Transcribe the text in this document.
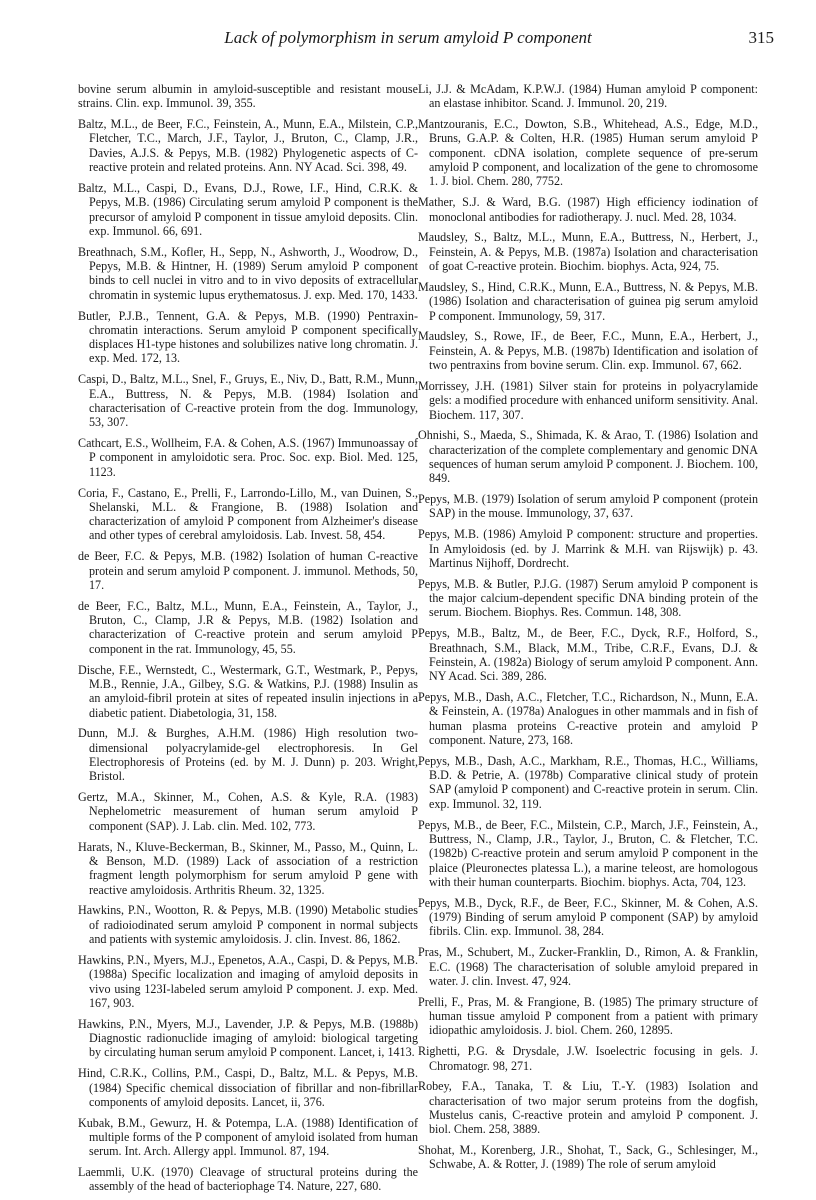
Lack of polymorphism in serum amyloid P component	315

bovine serum albumin in amyloid-susceptible and resistant mouse strains. Clin. exp. Immunol. 39, 355.

Baltz, M.L., de Beer, F.C., Feinstein, A., Munn, E.A., Milstein, C.P., Fletcher, T.C., March, J.F., Taylor, J., Bruton, C., Clamp, J.R., Davies, A.J.S. & Pepys, M.B. (1982) Phylogenetic aspects of C-reactive protein and related proteins. Ann. NY Acad. Sci. 398, 49.

Baltz, M.L., Caspi, D., Evans, D.J., Rowe, I.F., Hind, C.R.K. & Pepys, M.B. (1986) Circulating serum amyloid P component is the precursor of amyloid P component in tissue amyloid deposits. Clin. exp. Immunol. 66, 691.

Breathnach, S.M., Kofler, H., Sepp, N., Ashworth, J., Woodrow, D., Pepys, M.B. & Hintner, H. (1989) Serum amyloid P component binds to cell nuclei in vitro and to in vivo deposits of extracellular chromatin in systemic lupus erythematosus. J. exp. Med. 170, 1433.

Butler, P.J.B., Tennent, G.A. & Pepys, M.B. (1990) Pentraxin-chromatin interactions. Serum amyloid P component specifically displaces H1-type histones and solubilizes native long chromatin. J. exp. Med. 172, 13.

Caspi, D., Baltz, M.L., Snel, F., Gruys, E., Niv, D., Batt, R.M., Munn, E.A., Buttress, N. & Pepys, M.B. (1984) Isolation and characterisation of C-reactive protein from the dog. Immunology, 53, 307.

Cathcart, E.S., Wollheim, F.A. & Cohen, A.S. (1967) Immunoassay of P component in amyloidotic sera. Proc. Soc. exp. Biol. Med. 125, 1123.

Coria, F., Castano, E., Prelli, F., Larrondo-Lillo, M., van Duinen, S., Shelanski, M.L. & Frangione, B. (1988) Isolation and characterization of amyloid P component from Alzheimer's disease and other types of cerebral amyloidosis. Lab. Invest. 58, 454.

de Beer, F.C. & Pepys, M.B. (1982) Isolation of human C-reactive protein and serum amyloid P component. J. immunol. Methods, 50, 17.

de Beer, F.C., Baltz, M.L., Munn, E.A., Feinstein, A., Taylor, J., Bruton, C., Clamp, J.R & Pepys, M.B. (1982) Isolation and characterization of C-reactive protein and serum amyloid P component in the rat. Immunology, 45, 55.

Dische, F.E., Wernstedt, C., Westermark, G.T., Westmark, P., Pepys, M.B., Rennie, J.A., Gilbey, S.G. & Watkins, P.J. (1988) Insulin as an amyloid-fibril protein at sites of repeated insulin injections in a diabetic patient. Diabetologia, 31, 158.

Dunn, M.J. & Burghes, A.H.M. (1986) High resolution two-dimensional polyacrylamide-gel electrophoresis. In Gel Electrophoresis of Proteins (ed. by M. J. Dunn) p. 203. Wright, Bristol.

Gertz, M.A., Skinner, M., Cohen, A.S. & Kyle, R.A. (1983) Nephelometric measurement of human serum amyloid P component (SAP). J. Lab. clin. Med. 102, 773.

Harats, N., Kluve-Beckerman, B., Skinner, M., Passo, M., Quinn, L. & Benson, M.D. (1989) Lack of association of a restriction fragment length polymorphism for serum amyloid P gene with reactive amyloidosis. Arthritis Rheum. 32, 1325.

Hawkins, P.N., Wootton, R. & Pepys, M.B. (1990) Metabolic studies of radioiodinated serum amyloid P component in normal subjects and patients with systemic amyloidosis. J. clin. Invest. 86, 1862.

Hawkins, P.N., Myers, M.J., Epenetos, A.A., Caspi, D. & Pepys, M.B. (1988a) Specific localization and imaging of amyloid deposits in vivo using 123I-labeled serum amyloid P component. J. exp. Med. 167, 903.

Hawkins, P.N., Myers, M.J., Lavender, J.P. & Pepys, M.B. (1988b) Diagnostic radionuclide imaging of amyloid: biological targeting by circulating human serum amyloid P component. Lancet, i, 1413.

Hind, C.R.K., Collins, P.M., Caspi, D., Baltz, M.L. & Pepys, M.B. (1984) Specific chemical dissociation of fibrillar and non-fibrillar components of amyloid deposits. Lancet, ii, 376.

Kubak, B.M., Gewurz, H. & Potempa, L.A. (1988) Identification of multiple forms of the P component of amyloid isolated from human serum. Int. Arch. Allergy appl. Immunol. 87, 194.

Laemmli, U.K. (1970) Cleavage of structural proteins during the assembly of the head of bacteriophage T4. Nature, 227, 680.

Li, J.J. & McAdam, K.P.W.J. (1984) Human amyloid P component: an elastase inhibitor. Scand. J. Immunol. 20, 219.

Mantzouranis, E.C., Dowton, S.B., Whitehead, A.S., Edge, M.D., Bruns, G.A.P. & Colten, H.R. (1985) Human serum amyloid P component. cDNA isolation, complete sequence of pre-serum amyloid P component, and localization of the gene to chromosome 1. J. biol. Chem. 280, 7752.

Mather, S.J. & Ward, B.G. (1987) High efficiency iodination of monoclonal antibodies for radiotherapy. J. nucl. Med. 28, 1034.

Maudsley, S., Baltz, M.L., Munn, E.A., Buttress, N., Herbert, J., Feinstein, A. & Pepys, M.B. (1987a) Isolation and characterisation of goat C-reactive protein. Biochim. biophys. Acta, 924, 75.

Maudsley, S., Hind, C.R.K., Munn, E.A., Buttress, N. & Pepys, M.B. (1986) Isolation and characterisation of guinea pig serum amyloid P component. Immunology, 59, 317.

Maudsley, S., Rowe, IF., de Beer, F.C., Munn, E.A., Herbert, J., Feinstein, A. & Pepys, M.B. (1987b) Identification and isolation of two pentraxins from bovine serum. Clin. exp. Immunol. 67, 662.

Morrissey, J.H. (1981) Silver stain for proteins in polyacrylamide gels: a modified procedure with enhanced uniform sensitivity. Anal. Biochem. 117, 307.

Ohnishi, S., Maeda, S., Shimada, K. & Arao, T. (1986) Isolation and characterization of the complete complementary and genomic DNA sequences of human serum amyloid P component. J. Biochem. 100, 849.

Pepys, M.B. (1979) Isolation of serum amyloid P component (protein SAP) in the mouse. Immunology, 37, 637.

Pepys, M.B. (1986) Amyloid P component: structure and properties. In Amyloidosis (ed. by J. Marrink & M.H. van Rijswijk) p. 43. Martinus Nijhoff, Dordrecht.

Pepys, M.B. & Butler, P.J.G. (1987) Serum amyloid P component is the major calcium-dependent specific DNA binding protein of the serum. Biochem. Biophys. Res. Commun. 148, 308.

Pepys, M.B., Baltz, M., de Beer, F.C., Dyck, R.F., Holford, S., Breathnach, S.M., Black, M.M., Tribe, C.R.F., Evans, D.J. & Feinstein, A. (1982a) Biology of serum amyloid P component. Ann. NY Acad. Sci. 389, 286.

Pepys, M.B., Dash, A.C., Fletcher, T.C., Richardson, N., Munn, E.A. & Feinstein, A. (1978a) Analogues in other mammals and in fish of human plasma proteins C-reactive protein and amyloid P component. Nature, 273, 168.

Pepys, M.B., Dash, A.C., Markham, R.E., Thomas, H.C., Williams, B.D. & Petrie, A. (1978b) Comparative clinical study of protein SAP (amyloid P component) and C-reactive protein in serum. Clin. exp. Immunol. 32, 119.

Pepys, M.B., de Beer, F.C., Milstein, C.P., March, J.F., Feinstein, A., Buttress, N., Clamp, J.R., Taylor, J., Bruton, C. & Fletcher, T.C. (1982b) C-reactive protein and serum amyloid P component in the plaice (Pleuronectes platessa L.), a marine teleost, are homologous with their human counterparts. Biochim. biophys. Acta, 704, 123.

Pepys, M.B., Dyck, R.F., de Beer, F.C., Skinner, M. & Cohen, A.S. (1979) Binding of serum amyloid P component (SAP) by amyloid fibrils. Clin. exp. Immunol. 38, 284.

Pras, M., Schubert, M., Zucker-Franklin, D., Rimon, A. & Franklin, E.C. (1968) The characterisation of soluble amyloid prepared in water. J. clin. Invest. 47, 924.

Prelli, F., Pras, M. & Frangione, B. (1985) The primary structure of human tissue amyloid P component from a patient with primary idiopathic amyloidosis. J. biol. Chem. 260, 12895.

Righetti, P.G. & Drysdale, J.W. Isoelectric focusing in gels. J. Chromatogr. 98, 271.

Robey, F.A., Tanaka, T. & Liu, T.-Y. (1983) Isolation and characterisation of two major serum proteins from the dogfish, Mustelus canis, C-reactive protein and amyloid P component. J. biol. Chem. 258, 3889.

Shohat, M., Korenberg, J.R., Shohat, T., Sack, G., Schlesinger, M., Schwabe, A. & Rotter, J. (1989) The role of serum amyloid
